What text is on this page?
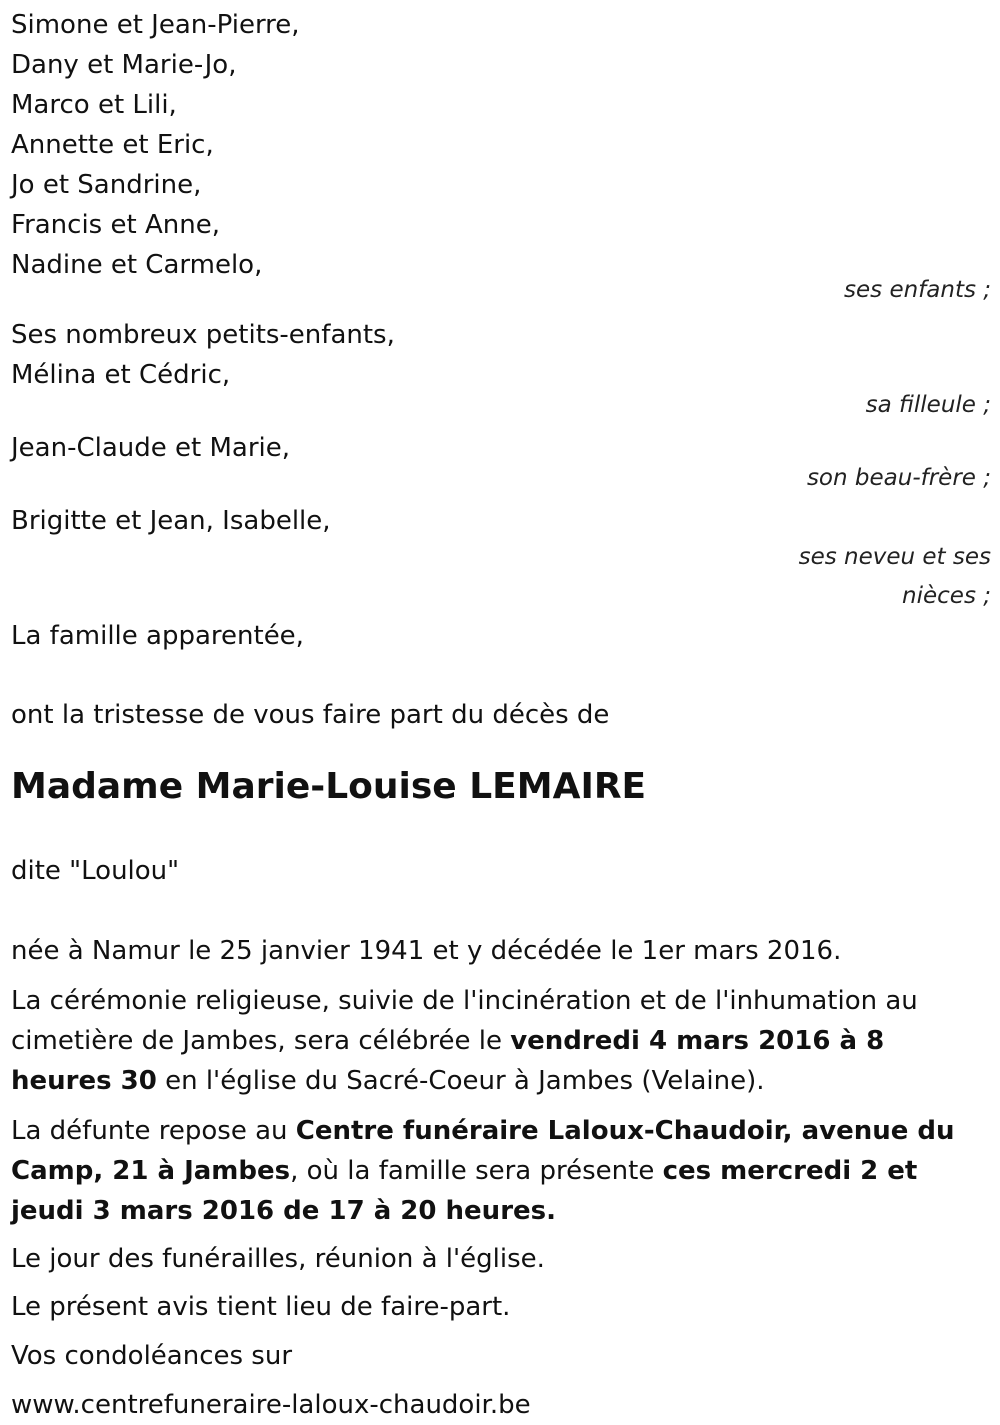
Simone et Jean-Pierre,
Dany et Marie-Jo,
Marco et Lili,
Annette et Eric,
Jo et Sandrine,
Francis et Anne,
Nadine et Carmelo,
ses enfants ;
Ses nombreux petits-enfants,
Mélina et Cédric,
sa filleule ;
Jean-Claude et Marie,
son beau-frère ;
Brigitte et Jean, Isabelle,
ses neveu et ses
nièces ;
La famille apparentée,
ont la tristesse de vous faire part du décès de
Madame Marie-Louise LEMAIRE
dite "Loulou"
née à Namur le 25 janvier 1941 et y décédée le 1er mars 2016.

La cérémonie religieuse, suivie de l'incinération et de l'inhumation au cimetière de Jambes, sera célébrée le vendredi 4 mars 2016 à 8 heures 30 en l'église du Sacré-Coeur à Jambes (Velaine).

La défunte repose au Centre funéraire Laloux-Chaudoir, avenue du Camp, 21 à Jambes, où la famille sera présente ces mercredi 2 et jeudi 3 mars 2016 de 17 à 20 heures.

Le jour des funérailles, réunion à l'église.
Le présent avis tient lieu de faire-part.
Vos condoléances sur
www.centrefuneraire-laloux-chaudoir.be
